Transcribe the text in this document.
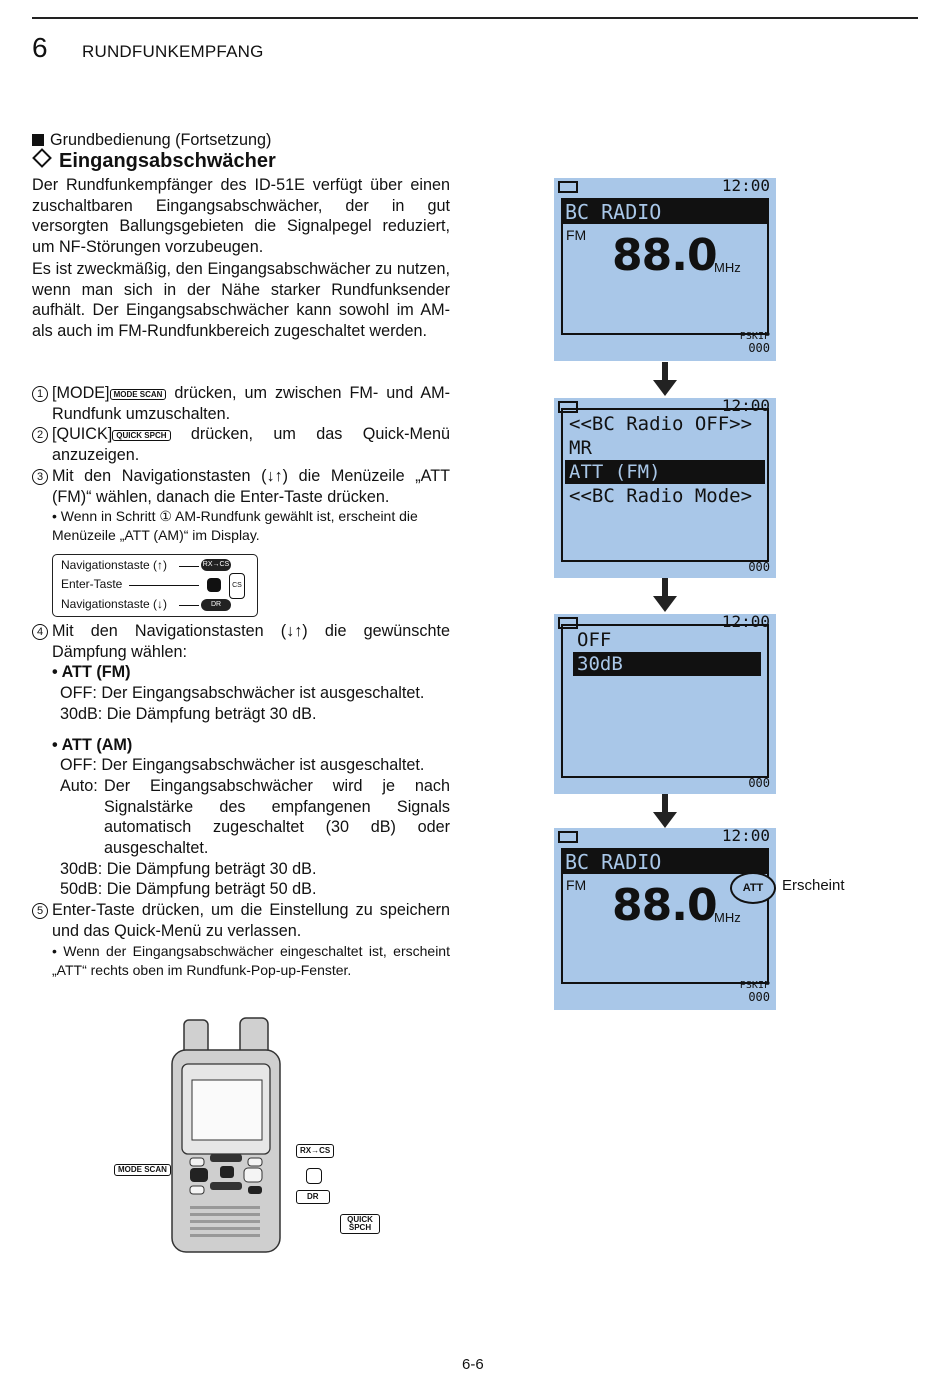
6 RUNDFUNKEMPFANG
Grundbedienung (Fortsetzung)
Eingangsabschwächer
Der Rundfunkempfänger des ID-51E verfügt über einen zuschaltbaren Eingangsabschwächer, der in gut versorgten Ballungsgebieten die Signalpegel reduziert, um NF-Störungen vorzubeugen.
Es ist zweckmäßig, den Eingangsabschwächer zu nutzen, wenn man sich in der Nähe starker Rundfunksender aufhält. Der Eingangsabschwächer kann sowohl im AM- als auch im FM-Rundfunkbereich zugeschaltet werden.
1 [MODE] MODE SCAN drücken, um zwischen FM- und AM-Rundfunk umzuschalten.
2 [QUICK] QUICK SPCH drücken, um das Quick-Menü anzuzeigen.
3 Mit den Navigationstasten (↓↑) die Menüzeile „ATT (FM)“ wählen, danach die Enter-Taste drücken.
• Wenn in Schritt ① AM-Rundfunk gewählt ist, erscheint die Menüzeile „ATT (AM)“ im Display.
Navigationstaste (↑)
Enter-Taste
Navigationstaste (↓)
RX→CS
CS
DR
4 Mit den Navigationstasten (↓↑) die gewünschte Dämpfung wählen:
• ATT (FM)
OFF: Der Eingangsabschwächer ist ausgeschaltet.
30dB: Die Dämpfung beträgt 30 dB.
• ATT (AM)
OFF: Der Eingangsabschwächer ist ausgeschaltet.
Auto: Der Eingangsabschwächer wird je nach Signalstärke des empfangenen Signals automatisch zugeschaltet (30 dB) oder ausgeschaltet.
30dB: Die Dämpfung beträgt 30 dB.
50dB: Die Dämpfung beträgt 50 dB.
5 Enter-Taste drücken, um die Einstellung zu speichern und das Quick-Menü zu verlassen.
• Wenn der Eingangsabschwächer eingeschaltet ist, erscheint „ATT“ rechts oben im Rundfunk-Pop-up-Fenster.
MODE SCAN
RX→CS
DR
QUICK SPCH
12:00
BC RADIO
FM 88.0
MHz
PSKIP
000
12:00
<<BC Radio OFF>>
MR
ATT (FM)
<<BC Radio Mode>
000
12:00
OFF
30dB
000
12:00
BC RADIO
FM 88.0
MHz
PSKIP
000
ATT	Erscheint
6-6
